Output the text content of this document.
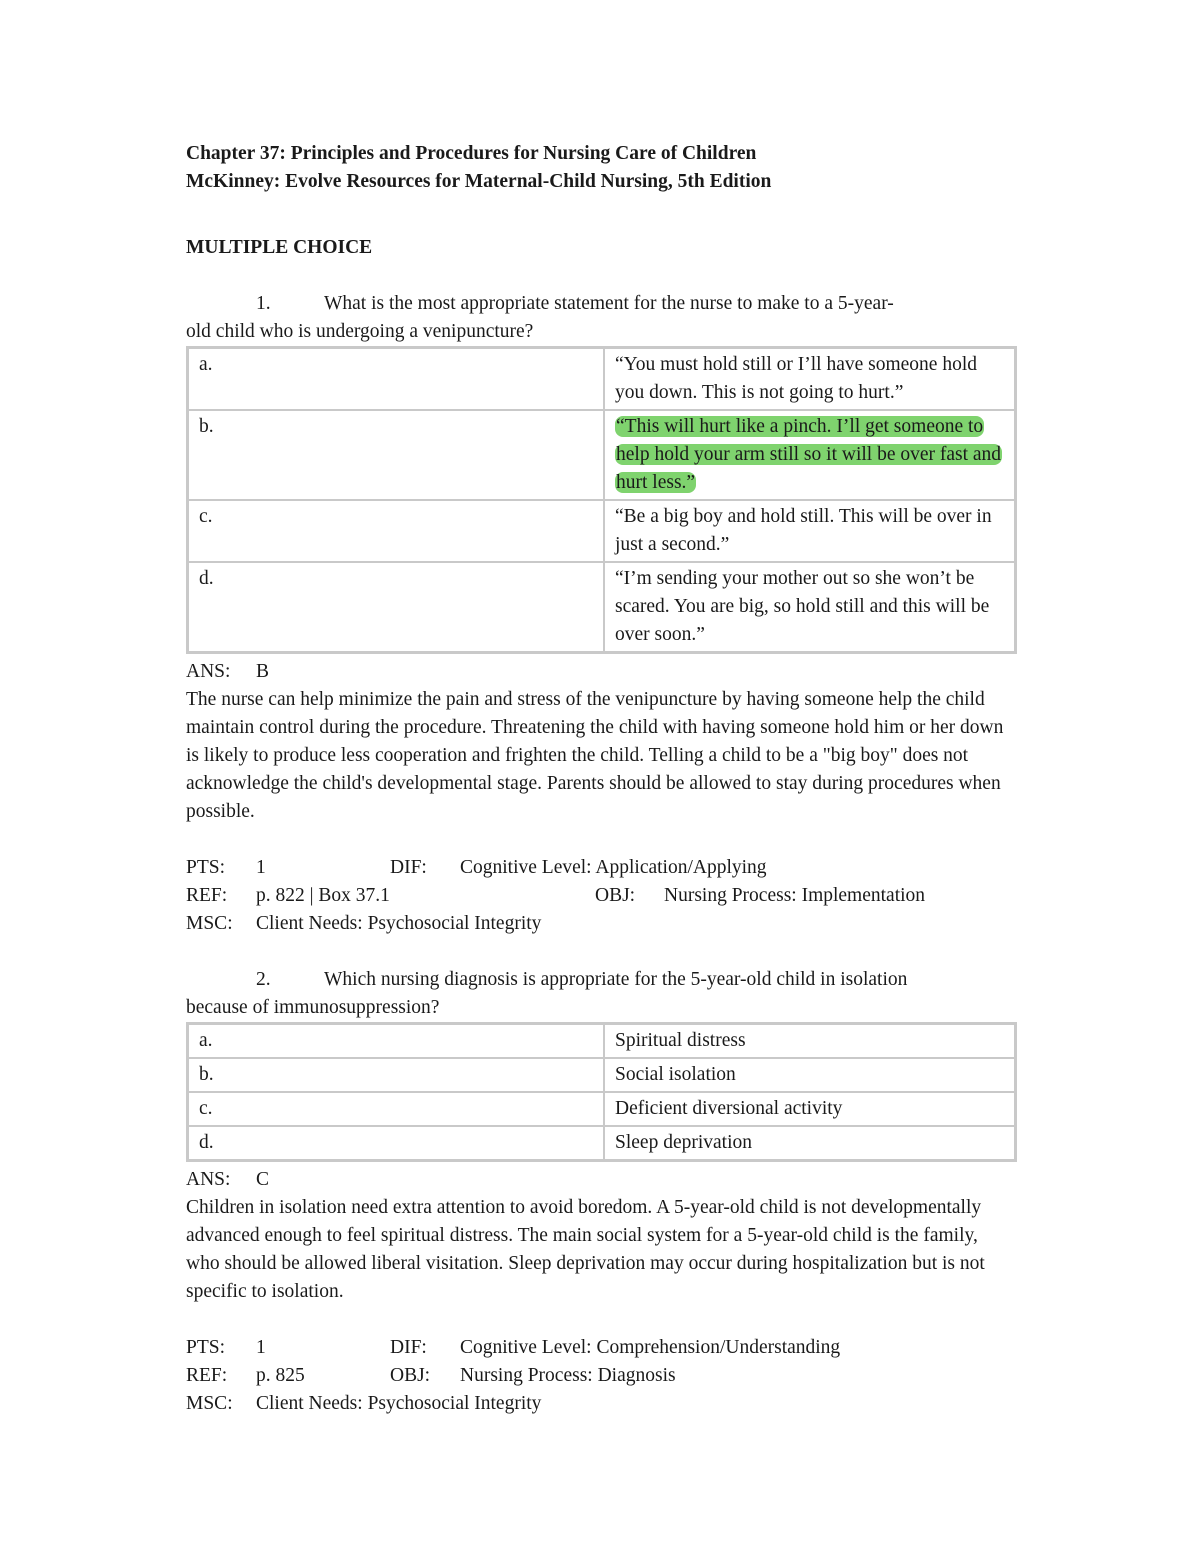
Chapter 37: Principles and Procedures for Nursing Care of Children
McKinney: Evolve Resources for Maternal-Child Nursing, 5th Edition
MULTIPLE CHOICE
1.	What is the most appropriate statement for the nurse to make to a 5-year-
old child who is undergoing a venipuncture?
a.	“You must hold still or I’ll have someone hold you down. This is not going to hurt.”
b.	“This will hurt like a pinch. I’ll get someone to help hold your arm still so it will be over fast and hurt less.”
c.	“Be a big boy and hold still. This will be over in just a second.”
d.	“I’m sending your mother out so she won’t be scared. You are big, so hold still and this will be over soon.”
ANS: B
The nurse can help minimize the pain and stress of the venipuncture by having someone help the child maintain control during the procedure. Threatening the child with having someone hold him or her down is likely to produce less cooperation and frighten the child. Telling a child to be a "big boy" does not acknowledge the child's developmental stage. Parents should be allowed to stay during procedures when possible.
PTS: 1	DIF: Cognitive Level: Application/Applying
REF: p. 822 | Box 37.1	OBJ: Nursing Process: Implementation
MSC: Client Needs: Psychosocial Integrity
2.	Which nursing diagnosis is appropriate for the 5-year-old child in isolation
because of immunosuppression?
a.	Spiritual distress
b.	Social isolation
c.	Deficient diversional activity
d.	Sleep deprivation
ANS: C
Children in isolation need extra attention to avoid boredom. A 5-year-old child is not developmentally advanced enough to feel spiritual distress. The main social system for a 5-year-old child is the family, who should be allowed liberal visitation. Sleep deprivation may occur during hospitalization but is not specific to isolation.
PTS: 1	DIF: Cognitive Level: Comprehension/Understanding
REF: p. 825	OBJ: Nursing Process: Diagnosis
MSC: Client Needs: Psychosocial Integrity
